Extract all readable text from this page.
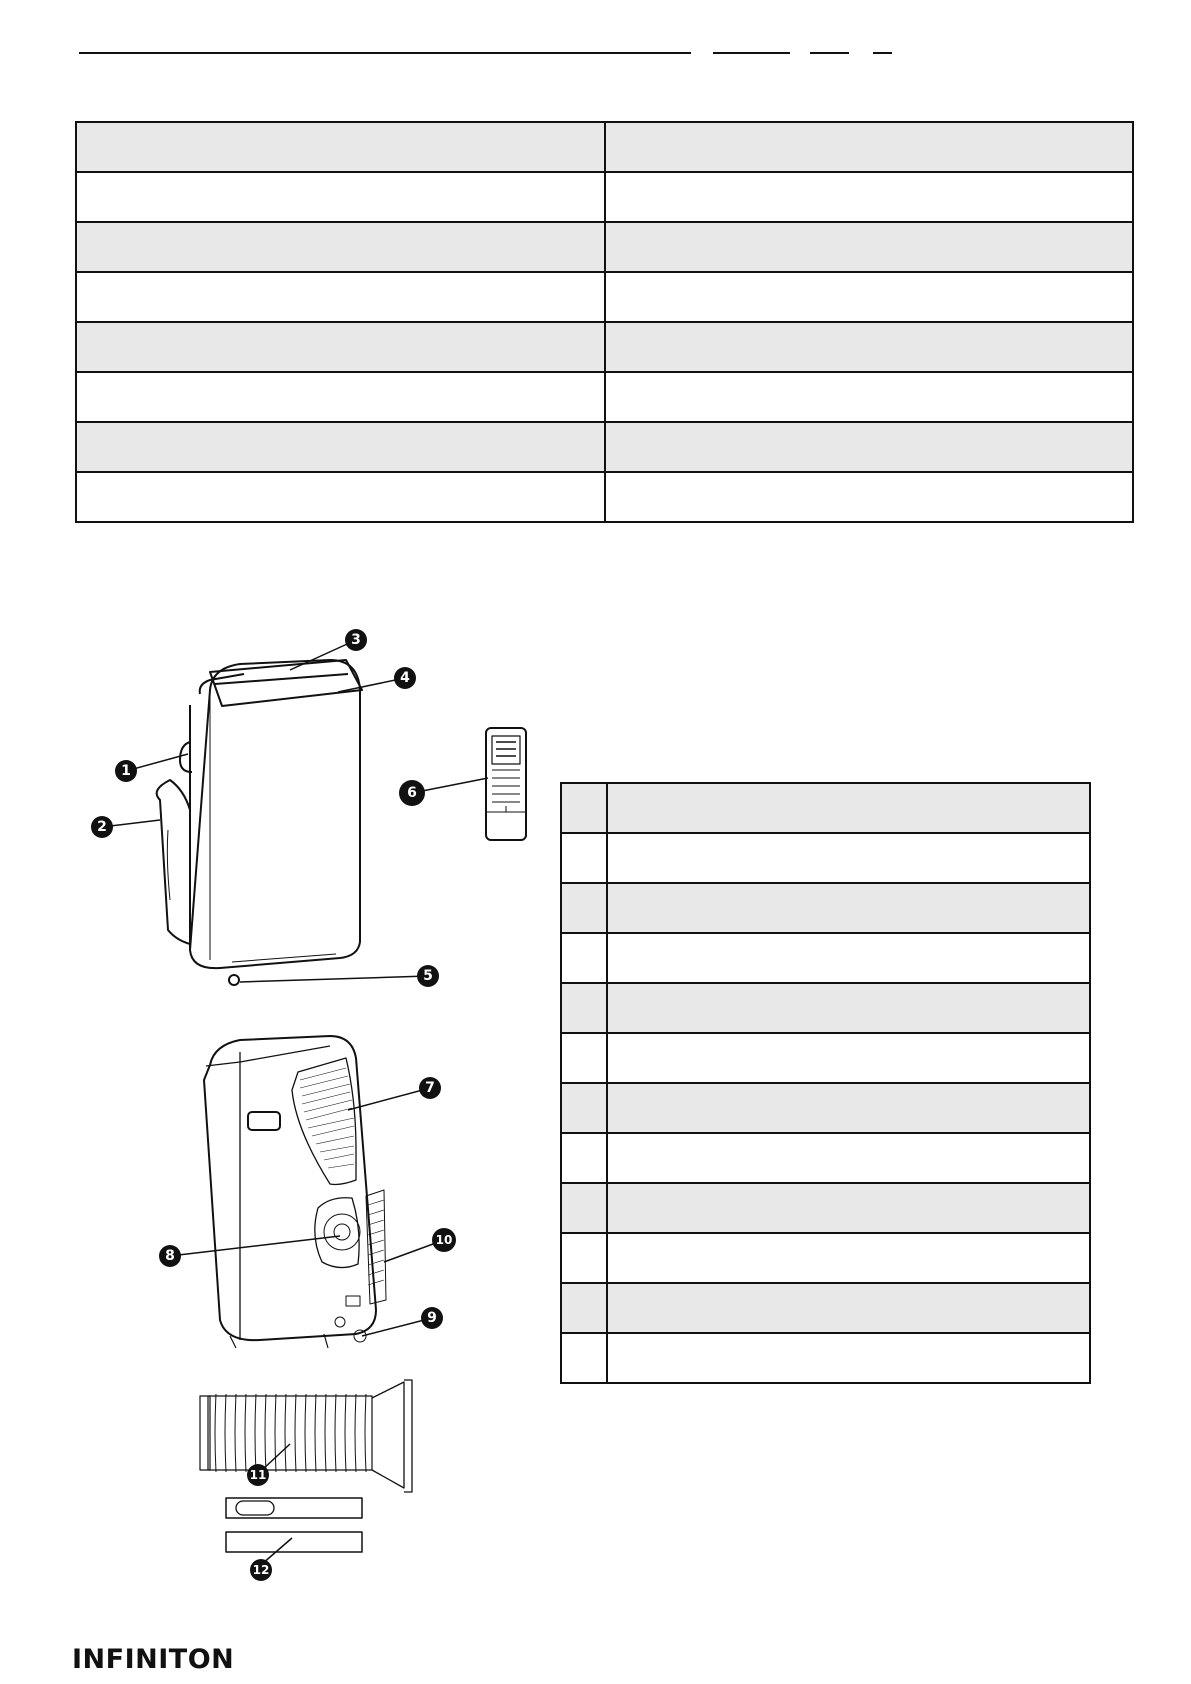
1
2
3
4
5
6
7
8
9
10
11
12

INFINITON
